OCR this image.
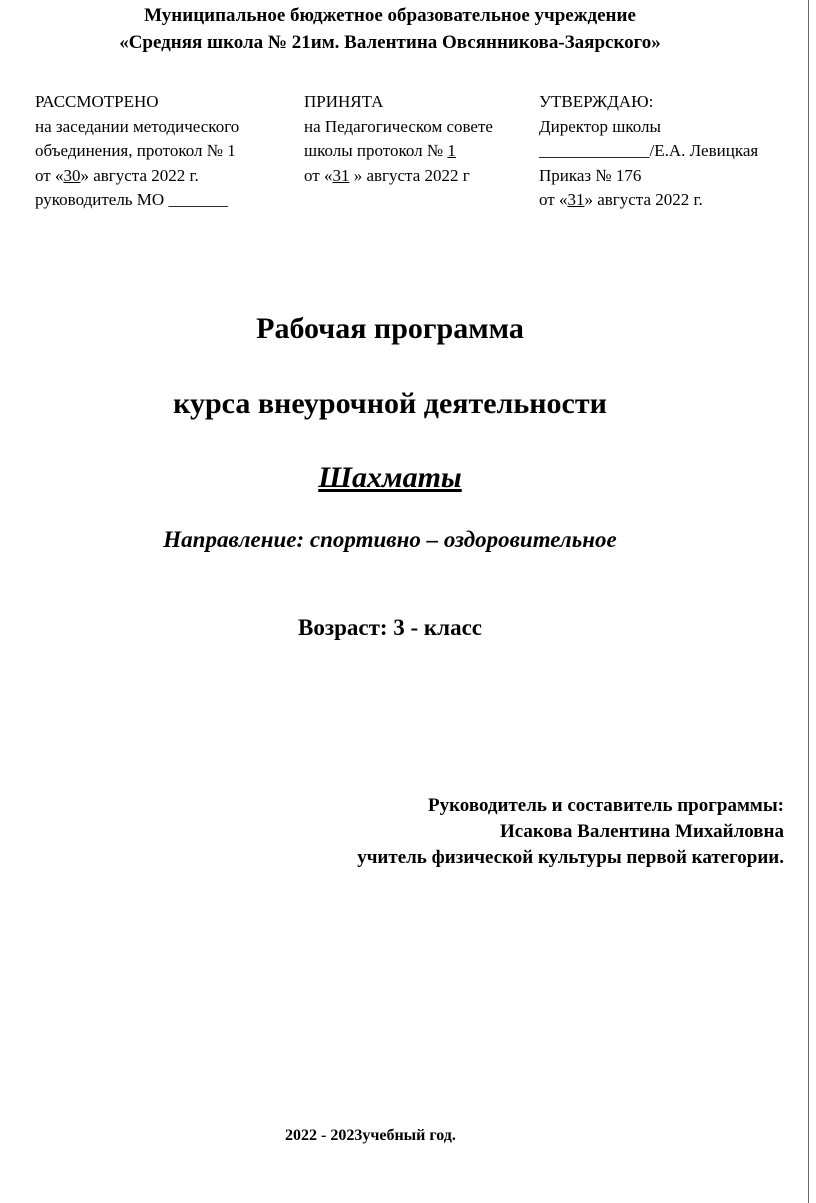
Муниципальное бюджетное образовательное учреждение
«Средняя школа № 21им. Валентина Овсянникова-Заярского»
РАССМОТРЕНО
на заседании методического
объединения, протокол № 1
от «30» августа 2022 г.
руководитель МО _______
ПРИНЯТА
на Педагогическом совете
школы протокол № 1
от «31 » августа 2022 г
УТВЕРЖДАЮ:
Директор школы
_____________/Е.А. Левицкая
Приказ № 176
от «31» августа 2022 г.
Рабочая программа
курса внеурочной деятельности
Шахматы
Направление: спортивно – оздоровительное
Возраст: 3 - класс
Руководитель и составитель программы:
Исакова Валентина Михайловна
учитель физической культуры первой категории.
2022 - 2023учебный год.
